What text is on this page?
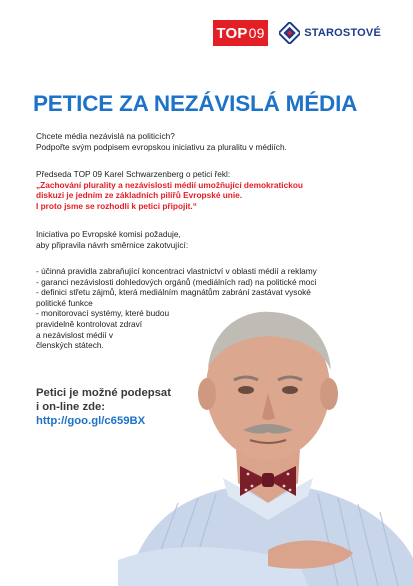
TOP 09	STAROSTOVÉ
PETICE ZA NEZÁVISLÁ MÉDIA

Chcete média nezávislá na politicích?

Podpořte svým podpisem evropskou iniciativu za pluralitu v médiích.

Předseda TOP 09 Karel Schwarzenberg o petici řekl:

„Zachování plurality a nezávislosti médií umožňující demokratickou

diskuzi je jedním ze základních pilířů Evropské unie.

I proto jsme se rozhodli k petici připojit.“

Iniciativa po Evropské komisi požaduje,

aby připravila návrh směrnice zakotvující:

- účinná pravidla zabraňující koncentraci vlastnictví v oblasti médií a reklamy

- garanci nezávislosti dohledových orgánů (mediálních rad) na politické moci

- definici střetu zájmů, která mediálním magnátům zabrání zastávat vysoké

politické funkce

- monitorovací systémy, které budou

pravidelně kontrolovat zdraví

a nezávislost médií v

členských státech.

Petici je možné podepsat
i on-line zde:
http://goo.gl/c659BX
